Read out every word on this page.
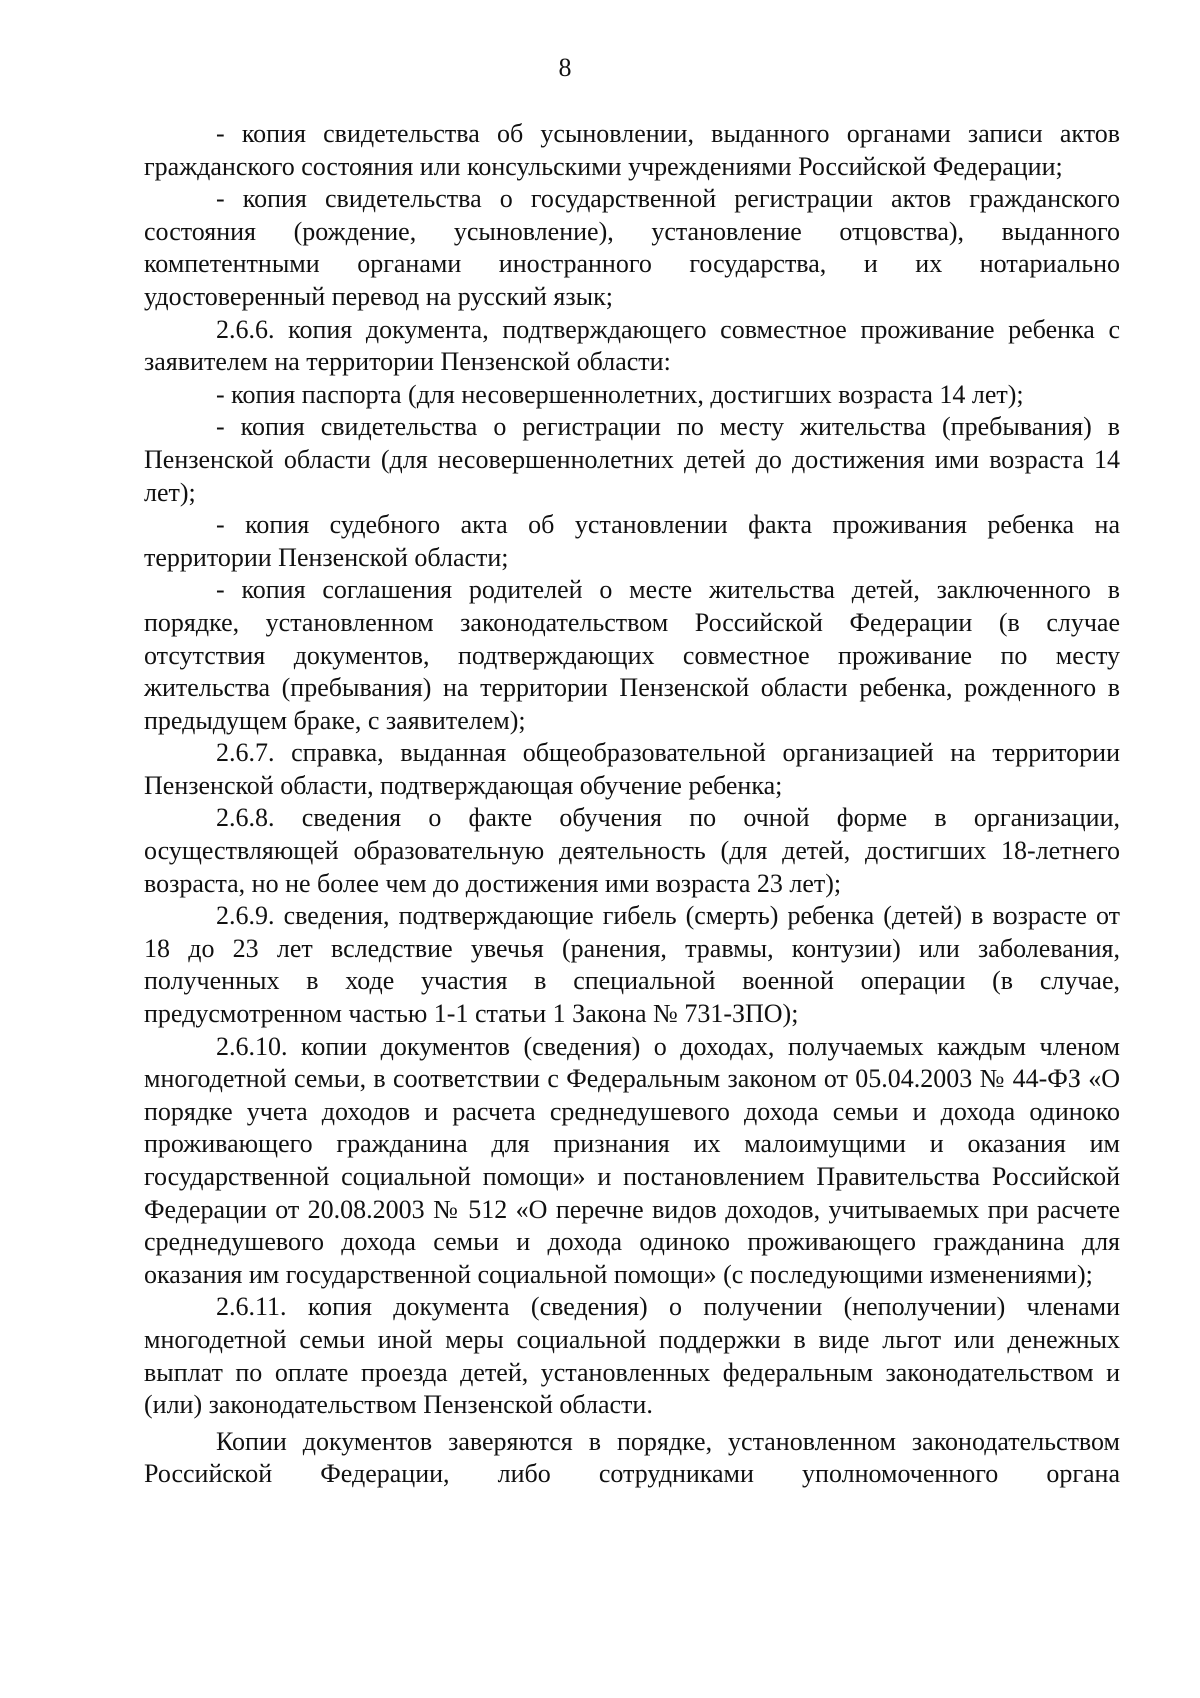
8

- копия свидетельства об усыновлении, выданного органами записи актов гражданского состояния или консульскими учреждениями Российской Федерации;

- копия свидетельства о государственной регистрации актов гражданского состояния (рождение, усыновление), установление отцовства), выданного компетентными органами иностранного государства, и их нотариально удостоверенный перевод на русский язык;

2.6.6. копия документа, подтверждающего совместное проживание ребенка с заявителем на территории Пензенской области:

- копия паспорта (для несовершеннолетних, достигших возраста 14 лет);

- копия свидетельства о регистрации по месту жительства (пребывания) в Пензенской области (для несовершеннолетних детей до достижения ими возраста 14 лет);

- копия судебного акта об установлении факта проживания ребенка на территории Пензенской области;

- копия соглашения родителей о месте жительства детей, заключенного в порядке, установленном законодательством Российской Федерации (в случае отсутствия документов, подтверждающих совместное проживание по месту жительства (пребывания) на территории Пензенской области ребенка, рожденного в предыдущем браке, с заявителем);

2.6.7. справка, выданная общеобразовательной организацией на территории Пензенской области, подтверждающая обучение ребенка;

2.6.8. сведения о факте обучения по очной форме в организации, осуществляющей образовательную деятельность (для детей, достигших 18-летнего возраста, но не более чем до достижения ими возраста 23 лет);

2.6.9. сведения, подтверждающие гибель (смерть) ребенка (детей) в возрасте от 18 до 23 лет вследствие увечья (ранения, травмы, контузии) или заболевания, полученных в ходе участия в специальной военной операции (в случае, предусмотренном частью 1-1 статьи 1 Закона № 731-ЗПО);

2.6.10. копии документов (сведения) о доходах, получаемых каждым членом многодетной семьи, в соответствии с Федеральным законом от 05.04.2003 № 44-ФЗ «О порядке учета доходов и расчета среднедушевого дохода семьи и дохода одиноко проживающего гражданина для признания их малоимущими и оказания им государственной социальной помощи» и постановлением Правительства Российской Федерации от 20.08.2003 № 512 «О перечне видов доходов, учитываемых при расчете среднедушевого дохода семьи и дохода одиноко проживающего гражданина для оказания им государственной социальной помощи» (с последующими изменениями);

2.6.11. копия документа (сведения) о получении (неполучении) членами многодетной семьи иной меры социальной поддержки в виде льгот или денежных выплат по оплате проезда детей, установленных федеральным законодательством и (или) законодательством Пензенской области.

Копии документов заверяются в порядке, установленном законодательством Российской Федерации, либо сотрудниками уполномоченного органа
